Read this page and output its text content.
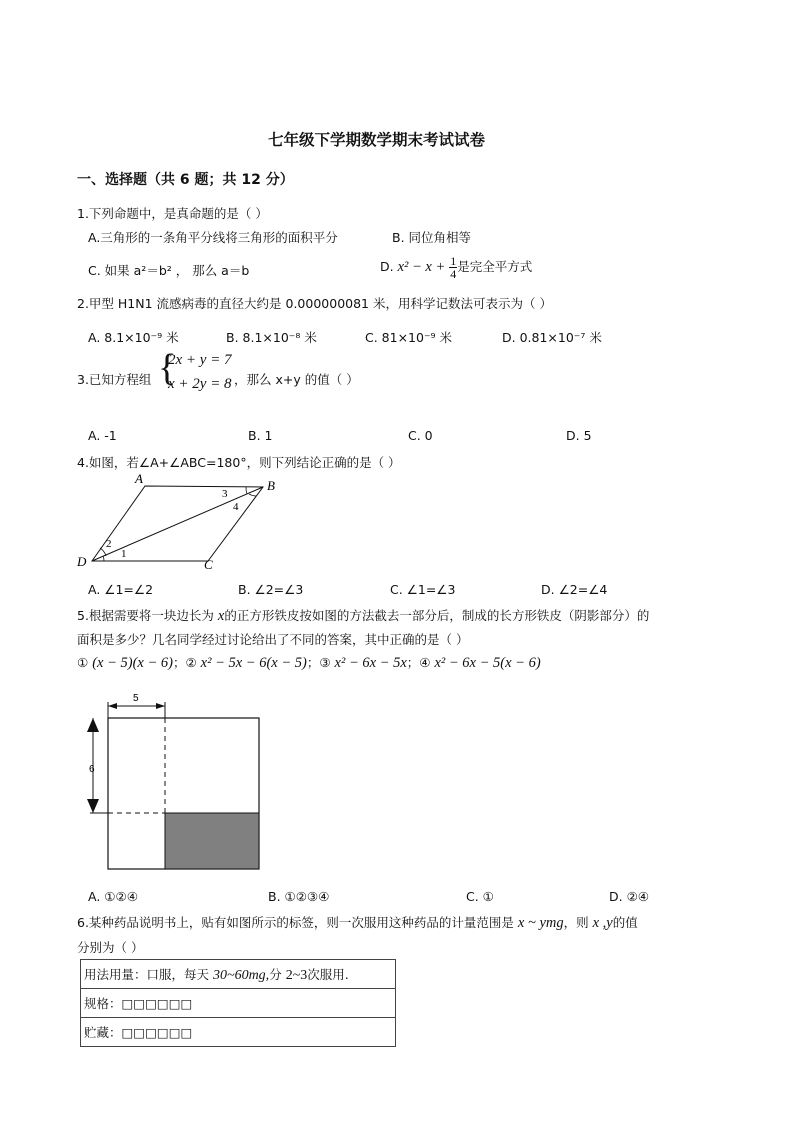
七年级下学期数学期末考试试卷
一、选择题（共 6 题；共 12 分）
1.下列命题中，是真命题的是（ ）
A.三角形的一条角平分线将三角形的面积平分	B. 同位角相等
C. 如果 a²＝b² ， 那么 a＝b	D. $x^2 - x + \frac{1}{4}$ 是完全平方式
2.甲型 H1N1 流感病毒的直径大约是 0.000000081 米，用科学记数法可表示为（ ）
A. 8.1×10⁻⁹ 米	B. 8.1×10⁻⁸ 米	C. 81×10⁻⁹ 米	D. 0.81×10⁻⁷ 米
3.已知方程组 {
2x + y = 7
x + 2y = 8 ，那么 x+y 的值（ ）
A. -1	B. 1	C. 0	D. 5
4.如图，若∠A+∠ABC=180°，则下列结论正确的是（ ）
A	B
C
D	1
2
3
4
A. ∠1=∠2	B. ∠2=∠3	C. ∠1=∠3	D. ∠2=∠4
5.根据需要将一块边长为 x的正方形铁皮按如图的方法截去一部分后，制成的长方形铁皮（阴影部分）的
面积是多少？几名同学经过讨论给出了不同的答案，其中正确的是（ ）
① (x − 5)(x − 6)；② x² − 5x − 6(x − 5)；③ x² − 6x − 5x；④ x² − 6x − 5(x − 6)
5
6
A. ①②④	B. ①②③④	C. ①	D. ②④
6.某种药品说明书上，贴有如图所示的标签，则一次服用这种药品的计量范围是 x ~ ymg，则 x ,y的值
分别为（ ）
用法用量：口服，每天 30~60mg,分 2~3次服用.
规格：□□□□□□
贮藏：□□□□□□
